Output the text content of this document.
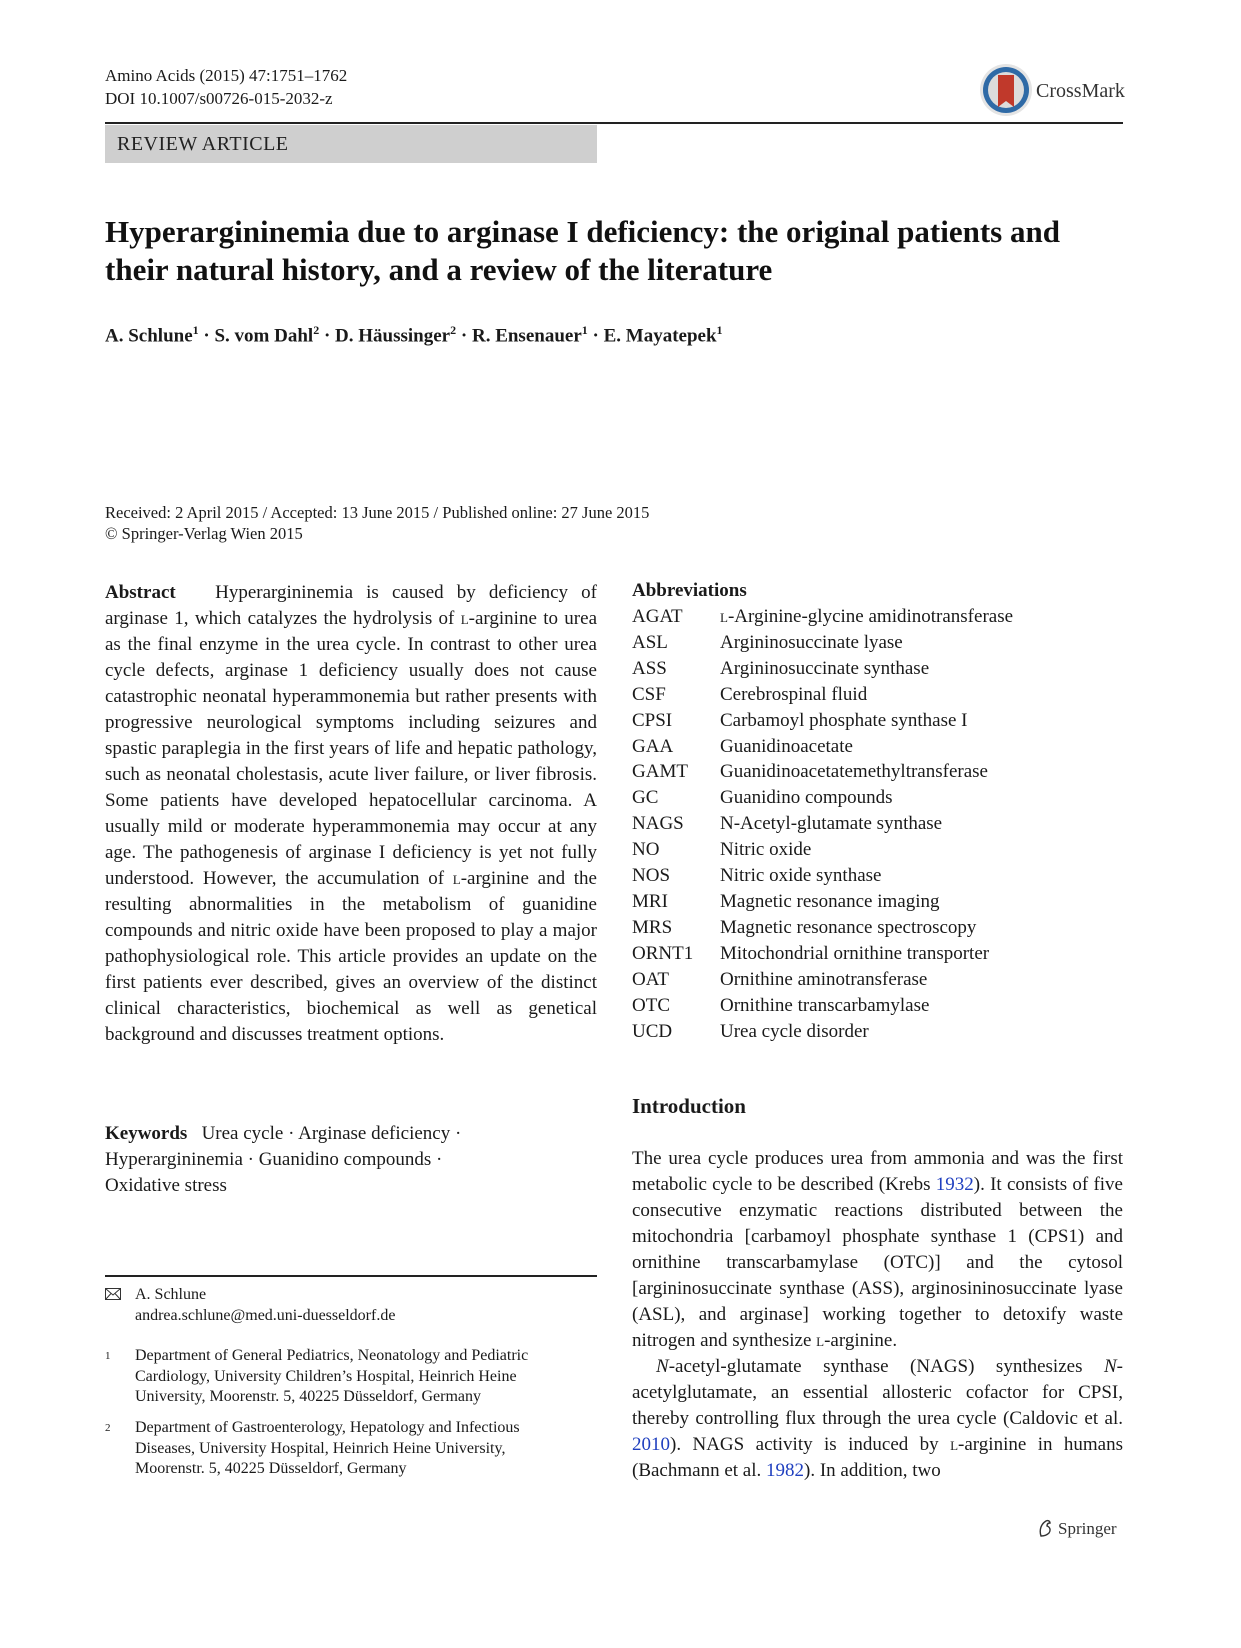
Amino Acids (2015) 47:1751–1762
DOI 10.1007/s00726-015-2032-z	CrossMark
REVIEW ARTICLE
Hyperargininemia due to arginase I deficiency: the original patients and their natural history, and a review of the literature
A. Schlune$^1$ · S. vom Dahl$^2$ · D. Häussinger$^2$ · R. Ensenauer$^1$ · E. Mayatepek$^1$
Received: 2 April 2015 / Accepted: 13 June 2015 / Published online: 27 June 2015
© Springer-Verlag Wien 2015
Abstract Hyperargininemia is caused by deficiency of arginase 1, which catalyzes the hydrolysis of l-arginine to urea as the final enzyme in the urea cycle. In contrast to other urea cycle defects, arginase 1 deficiency usually does not cause catastrophic neonatal hyperammonemia but rather presents with progressive neurological symptoms including seizures and spastic paraplegia in the first years of life and hepatic pathology, such as neonatal cholestasis, acute liver failure, or liver fibrosis. Some patients have developed hepatocellular carcinoma. A usually mild or moderate hyperammonemia may occur at any age. The pathogenesis of arginase I deficiency is yet not fully understood. However, the accumulation of l-arginine and the resulting abnormalities in the metabolism of guanidine compounds and nitric oxide have been proposed to play a major pathophysiological role. This article provides an update on the first patients ever described, gives an overview of the distinct clinical characteristics, biochemical as well as genetical background and discusses treatment options.
Keywords Urea cycle · Arginase deficiency ·
Hyperargininemia · Guanidino compounds ·
Oxidative stress
A. Schlune
andrea.schlune@med.uni-duesseldorf.de
1 Department of General Pediatrics, Neonatology and Pediatric
Cardiology, University Children’s Hospital, Heinrich Heine
University, Moorenstr. 5, 40225 Düsseldorf, Germany
2 Department of Gastroenterology, Hepatology and Infectious
Diseases, University Hospital, Heinrich Heine University,
Moorenstr. 5, 40225 Düsseldorf, Germany
Abbreviations
AGAT	l-Arginine-glycine amidinotransferase
ASL	Argininosuccinate lyase
ASS	Argininosuccinate synthase
CSF	Cerebrospinal fluid
CPSI	Carbamoyl phosphate synthase I
GAA	Guanidinoacetate
GAMT	Guanidinoacetatemethyltransferase
GC	Guanidino compounds
NAGS	N-Acetyl-glutamate synthase
NO	Nitric oxide
NOS	Nitric oxide synthase
MRI	Magnetic resonance imaging
MRS	Magnetic resonance spectroscopy
ORNT1	Mitochondrial ornithine transporter
OAT	Ornithine aminotransferase
OTC	Ornithine transcarbamylase
UCD	Urea cycle disorder
Introduction

The urea cycle produces urea from ammonia and was the first metabolic cycle to be described (Krebs 1932). It consists of five consecutive enzymatic reactions distributed between the mitochondria [carbamoyl phosphate synthase 1 (CPS1) and ornithine transcarbamylase (OTC)] and the cytosol [argininosuccinate synthase (ASS), arginosininosuccinate lyase (ASL), and arginase] working together to detoxify waste nitrogen and synthesize l-arginine.

N-acetyl-glutamate synthase (NAGS) synthesizes N-acetylglutamate, an essential allosteric cofactor for CPSI, thereby controlling flux through the urea cycle (Caldovic et al. 2010). NAGS activity is induced by l-arginine in humans (Bachmann et al. 1982). In addition, two

Springer
